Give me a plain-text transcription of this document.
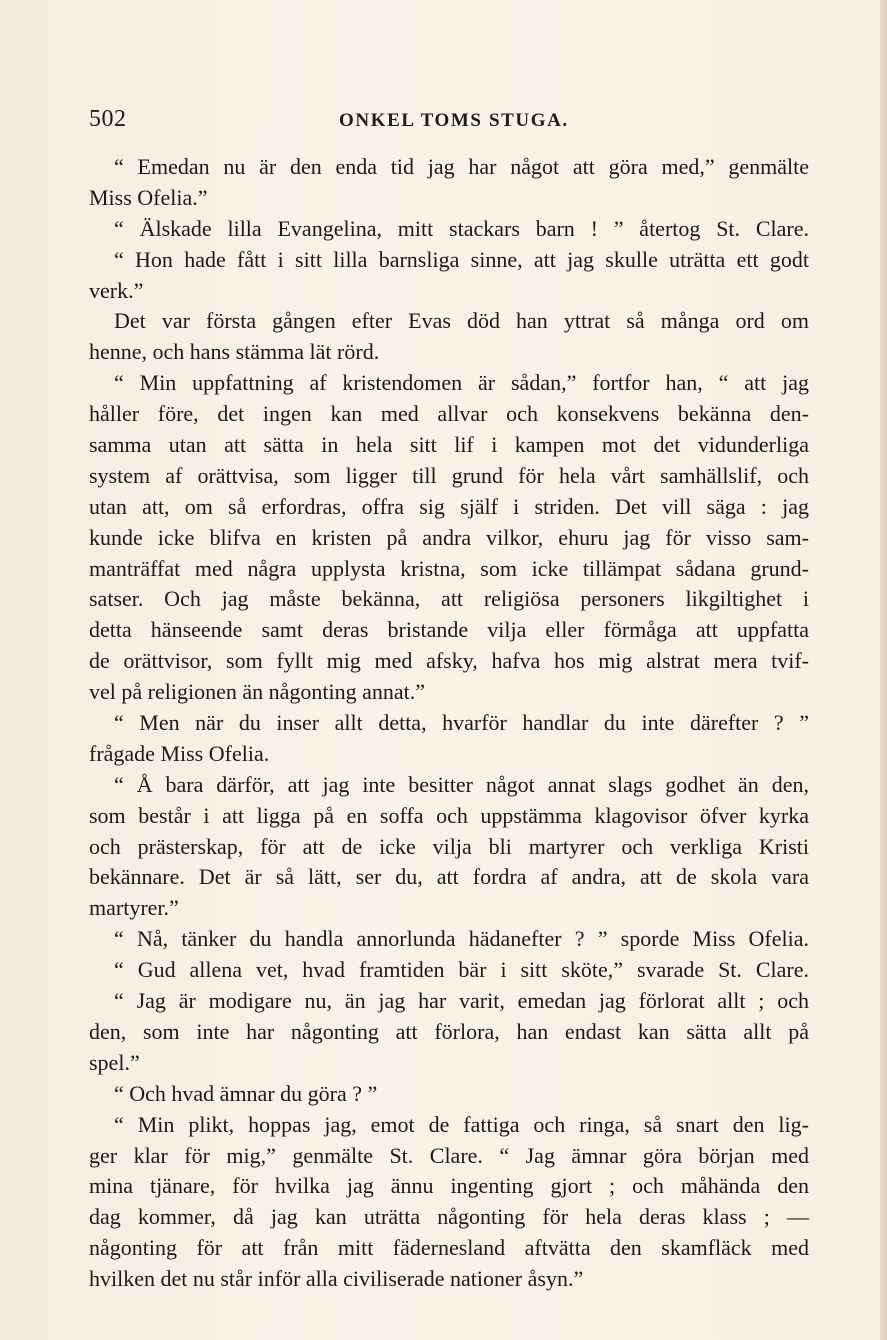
502	ONKEL TOMS STUGA.
“ Emedan nu är den enda tid jag har något att göra med,” genmälte
Miss Ofelia.”
“ Älskade lilla Evangelina, mitt stackars barn ! ” återtog St. Clare.
“ Hon hade fått i sitt lilla barnsliga sinne, att jag skulle uträtta ett godt
verk.”
Det var första gången efter Evas död han yttrat så många ord om
henne, och hans stämma lät rörd.
“ Min uppfattning af kristendomen är sådan,” fortfor han, “ att jag
håller före, det ingen kan med allvar och konsekvens bekänna den-
samma utan att sätta in hela sitt lif i kampen mot det vidunderliga
system af orättvisa, som ligger till grund för hela vårt samhällslif, och
utan att, om så erfordras, offra sig själf i striden. Det vill säga : jag
kunde icke blifva en kristen på andra vilkor, ehuru jag för visso sam-
manträffat med några upplysta kristna, som icke tillämpat sådana grund-
satser. Och jag måste bekänna, att religiösa personers likgiltighet i
detta hänseende samt deras bristande vilja eller förmåga att uppfatta
de orättvisor, som fyllt mig med afsky, hafva hos mig alstrat mera tvif-
vel på religionen än någonting annat.”
“ Men när du inser allt detta, hvarför handlar du inte därefter ? ”
frågade Miss Ofelia.
“ Å bara därför, att jag inte besitter något annat slags godhet än den,
som består i att ligga på en soffa och uppstämma klagovisor öfver kyrka
och prästerskap, för att de icke vilja bli martyrer och verkliga Kristi
bekännare. Det är så lätt, ser du, att fordra af andra, att de skola vara
martyrer.”
“ Nå, tänker du handla annorlunda hädanefter ? ” sporde Miss Ofelia.
“ Gud allena vet, hvad framtiden bär i sitt sköte,” svarade St. Clare.
“ Jag är modigare nu, än jag har varit, emedan jag förlorat allt ; och
den, som inte har någonting att förlora, han endast kan sätta allt på
spel.”
“ Och hvad ämnar du göra ? ”
“ Min plikt, hoppas jag, emot de fattiga och ringa, så snart den lig-
ger klar för mig,” genmälte St. Clare. “ Jag ämnar göra början med
mina tjänare, för hvilka jag ännu ingenting gjort ; och måhända den
dag kommer, då jag kan uträtta någonting för hela deras klass ; —
någonting för att från mitt fädernesland aftvätta den skamfläck med
hvilken det nu står inför alla civiliserade nationer åsyn.”
